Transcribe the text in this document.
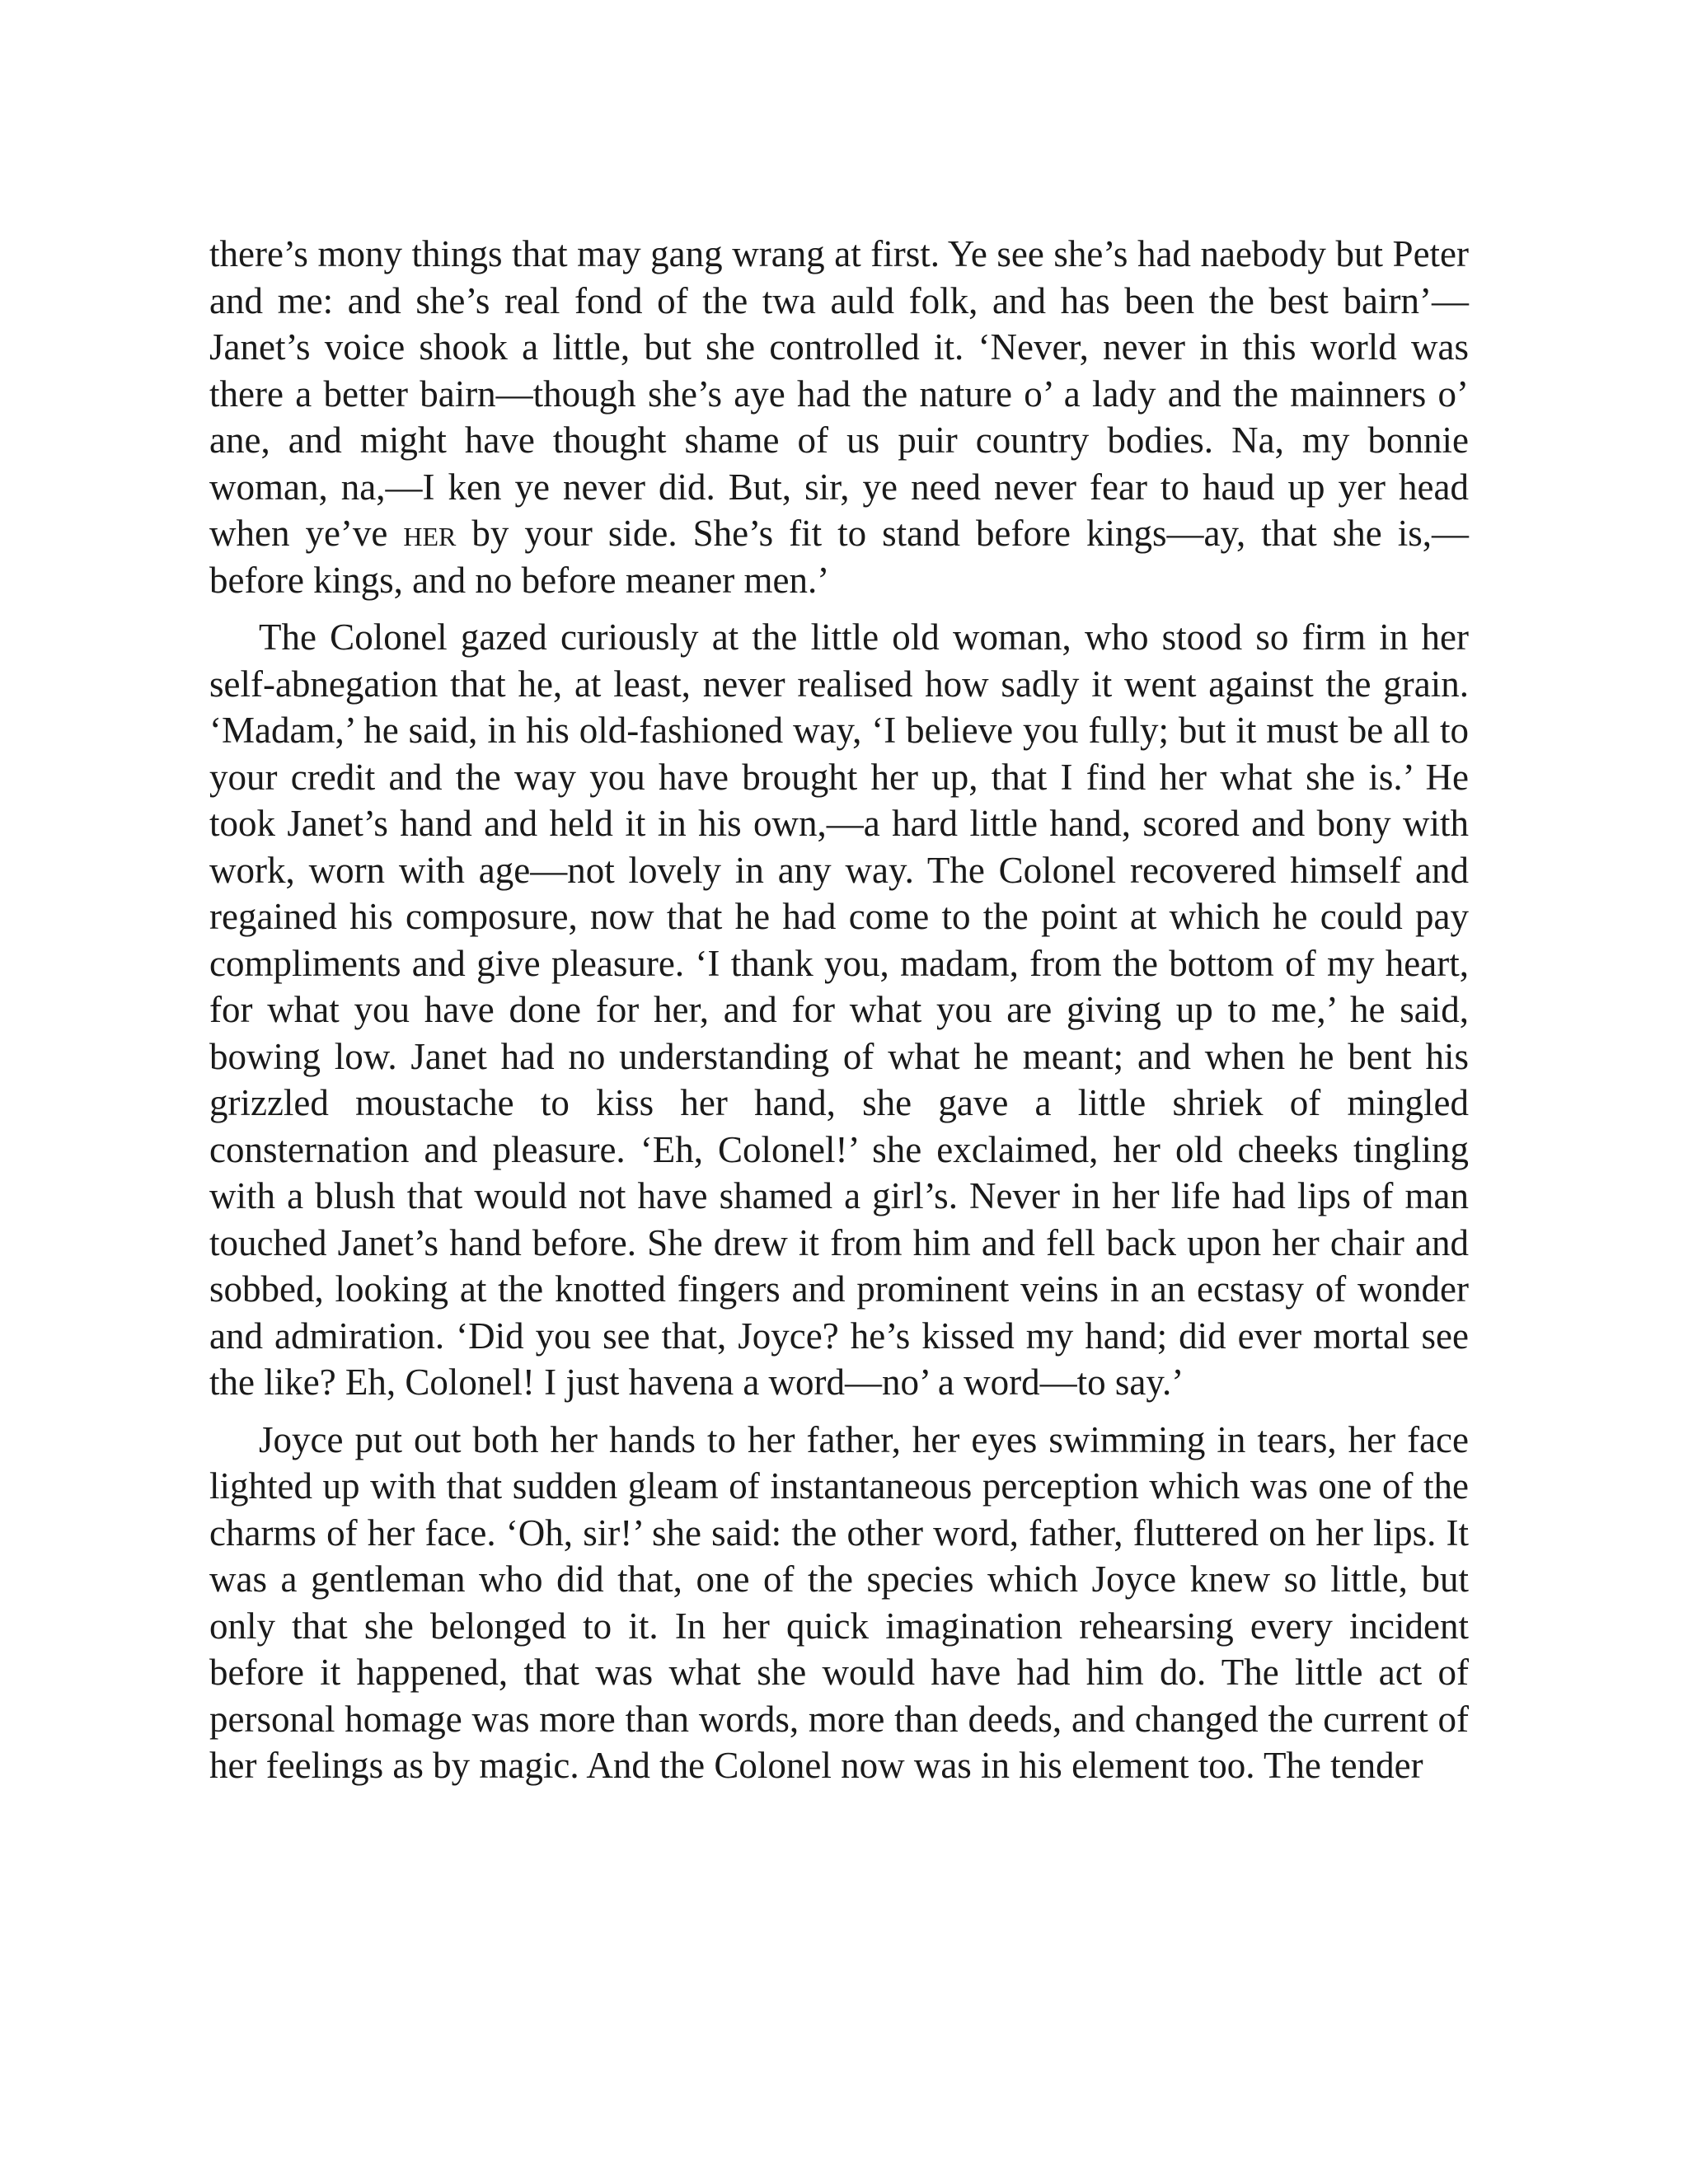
there’s mony things that may gang wrang at first. Ye see she’s had naebody but Peter and me: and she’s real fond of the twa auld folk, and has been the best bairn’—Janet’s voice shook a little, but she controlled it. ‘Never, never in this world was there a better bairn—though she’s aye had the nature o’ a lady and the mainners o’ ane, and might have thought shame of us puir country bodies. Na, my bonnie woman, na,—I ken ye never did. But, sir, ye need never fear to haud up yer head when ye’ve her by your side. She’s fit to stand before kings—ay, that she is,—before kings, and no before meaner men.’

The Colonel gazed curiously at the little old woman, who stood so firm in her self-abnegation that he, at least, never realised how sadly it went against the grain. ‘Madam,’ he said, in his old-fashioned way, ‘I believe you fully; but it must be all to your credit and the way you have brought her up, that I find her what she is.’ He took Janet’s hand and held it in his own,—a hard little hand, scored and bony with work, worn with age—not lovely in any way. The Colonel recovered himself and regained his composure, now that he had come to the point at which he could pay compliments and give pleasure. ‘I thank you, madam, from the bottom of my heart, for what you have done for her, and for what you are giving up to me,’ he said, bowing low. Janet had no understanding of what he meant; and when he bent his grizzled moustache to kiss her hand, she gave a little shriek of mingled consternation and pleasure. ‘Eh, Colonel!’ she exclaimed, her old cheeks tingling with a blush that would not have shamed a girl’s. Never in her life had lips of man touched Janet’s hand before. She drew it from him and fell back upon her chair and sobbed, looking at the knotted fingers and prominent veins in an ecstasy of wonder and admiration. ‘Did you see that, Joyce? he’s kissed my hand; did ever mortal see the like? Eh, Colonel! I just havena a word—no’ a word—to say.’

Joyce put out both her hands to her father, her eyes swimming in tears, her face lighted up with that sudden gleam of instantaneous perception which was one of the charms of her face. ‘Oh, sir!’ she said: the other word, father, fluttered on her lips. It was a gentleman who did that, one of the species which Joyce knew so little, but only that she belonged to it. In her quick imagination rehearsing every incident before it happened, that was what she would have had him do. The little act of personal homage was more than words, more than deeds, and changed the current of her feelings as by magic. And the Colonel now was in his element too. The tender
